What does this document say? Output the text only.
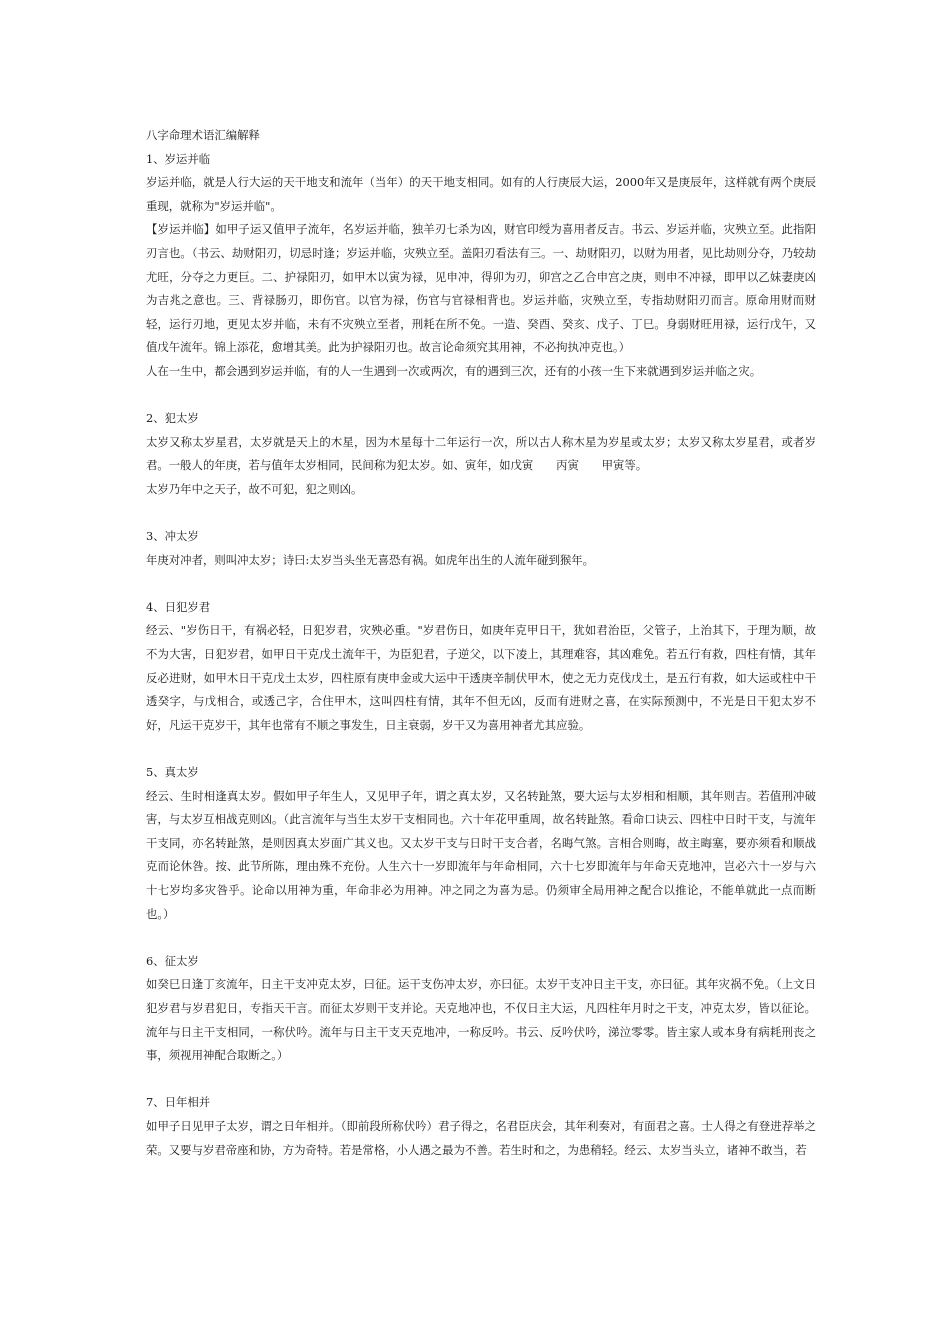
八字命理术语汇编解释

1、岁运并临

岁运并临，就是人行大运的天干地支和流年（当年）的天干地支相同。如有的人行庚辰大运，2000年又是庚辰年，这样就有两个庚辰重现，就称为"岁运并临"。

【岁运并临】如甲子运又值甲子流年，名岁运并临，独羊刃七杀为凶，财官印绶为喜用者反吉。书云、岁运并临，灾殃立至。此指阳刃言也。（书云、劫财阳刃，切忌时逢；岁运并临，灾殃立至。盖阳刃看法有三。一、劫财阳刃，以财为用者，见比劫则分夺，乃较劫尤旺，分夺之力更巨。二、护禄阳刃，如甲木以寅为禄，见申冲，得卯为刃，卯宫之乙合申宫之庚，则申不冲禄，即甲以乙妹妻庚凶为吉兆之意也。三、背禄肠刃，即伤官。以官为禄，伤官与官禄相背也。岁运并临，灾殃立至，专指劫财阳刃而言。原命用财而财轻，运行刃地，更见太岁并临，未有不灾殃立至者，刑耗在所不免。一造、癸酉、癸亥、戊子、丁巳。身弱财旺用禄，运行戊午，又值戊午流年。锦上添花，愈增其美。此为护禄阳刃也。故言论命须究其用神，不必拘执冲克也。）

人在一生中，都会遇到岁运并临，有的人一生遇到一次或两次，有的遇到三次，还有的小孩一生下来就遇到岁运并临之灾。

2、犯太岁

太岁又称太岁星君，太岁就是天上的木星，因为木星每十二年运行一次，所以古人称木星为岁星或太岁；太岁又称太岁星君，或者岁君。一般人的年庚，若与值年太岁相同，民间称为犯太岁。如、寅年，如戊寅　　丙寅　　甲寅等。

太岁乃年中之天子，故不可犯，犯之则凶。

3、冲太岁

年庚对冲者，则叫冲太岁；诗曰:太岁当头坐无喜恐有祸。如虎年出生的人流年碰到猴年。

4、日犯岁君

经云、"岁伤日干，有祸必轻，日犯岁君，灾殃必重。"岁君伤日，如庚年克甲日干，犹如君治臣，父管子，上治其下，于理为顺，故不为大害，日犯岁君，如甲日干克戊土流年干，为臣犯君，子逆父，以下凌上，其理难容，其凶难免。若五行有救，四柱有情，其年反必进财，如甲木日干克戊土太岁，四柱原有庚申金或大运中干透庚辛制伏甲木，使之无力克伐戊土，是五行有救，如大运或柱中干透癸字，与戊相合，或透己字，合住甲木，这叫四柱有情，其年不但无凶，反而有进财之喜，在实际预测中，不光是日干犯太岁不好，凡运干克岁干，其年也常有不顺之事发生，日主衰弱，岁干又为喜用神者尤其应验。

5、真太岁

经云、生时相逢真太岁。假如甲子年生人，又见甲子年，谓之真太岁，又名转趾煞，要大运与太岁相和相顺，其年则吉。若值刑冲破害，与太岁互相战克则凶。（此言流年与当生太岁干支相同也。六十年花甲重周，故名转趾煞。看命口诀云、四柱中日时干支，与流年干支同，亦名转趾煞，是则因真太岁面广其义也。又太岁干支与日时干支合者，名晦气煞。言相合则晦，故主晦塞，要亦须看和顺战克而论休咎。按、此节所陈，理由殊不充份。人生六十一岁即流年与年命相同，六十七岁即流年与年命天克地冲，岂必六十一岁与六十七岁均多灾咎乎。论命以用神为重，年命非必为用神。冲之同之为喜为忌。仍须审全局用神之配合以推论，不能单就此一点而断也。）

6、征太岁

如癸巳日逢丁亥流年，日主干支冲克太岁，曰征。运干支伤冲太岁，亦曰征。太岁干支冲日主干支，亦曰征。其年灾祸不免。（上文日犯岁君与岁君犯日，专指天干言。而征太岁则干支并论。天克地冲也，不仅日主大运，凡四柱年月时之干支，冲克太岁，皆以征论。流年与日主干支相同，一称伏吟。流年与日主干支天克地冲，一称反吟。书云、反吟伏吟，涕泣零零。皆主家人或本身有病耗刑丧之事，须视用神配合取断之。）

7、日年相并

如甲子日见甲子太岁，谓之日年相并。（即前段所称伏吟）君子得之，名君臣庆会，其年利奏对，有面君之喜。士人得之有登进荐举之荣。又要与岁君帝座和协，方为奇特。若是常格，小人遇之最为不善。若生时和之，为患稍轻。经云、太岁当头立，诸神不敢当，若
